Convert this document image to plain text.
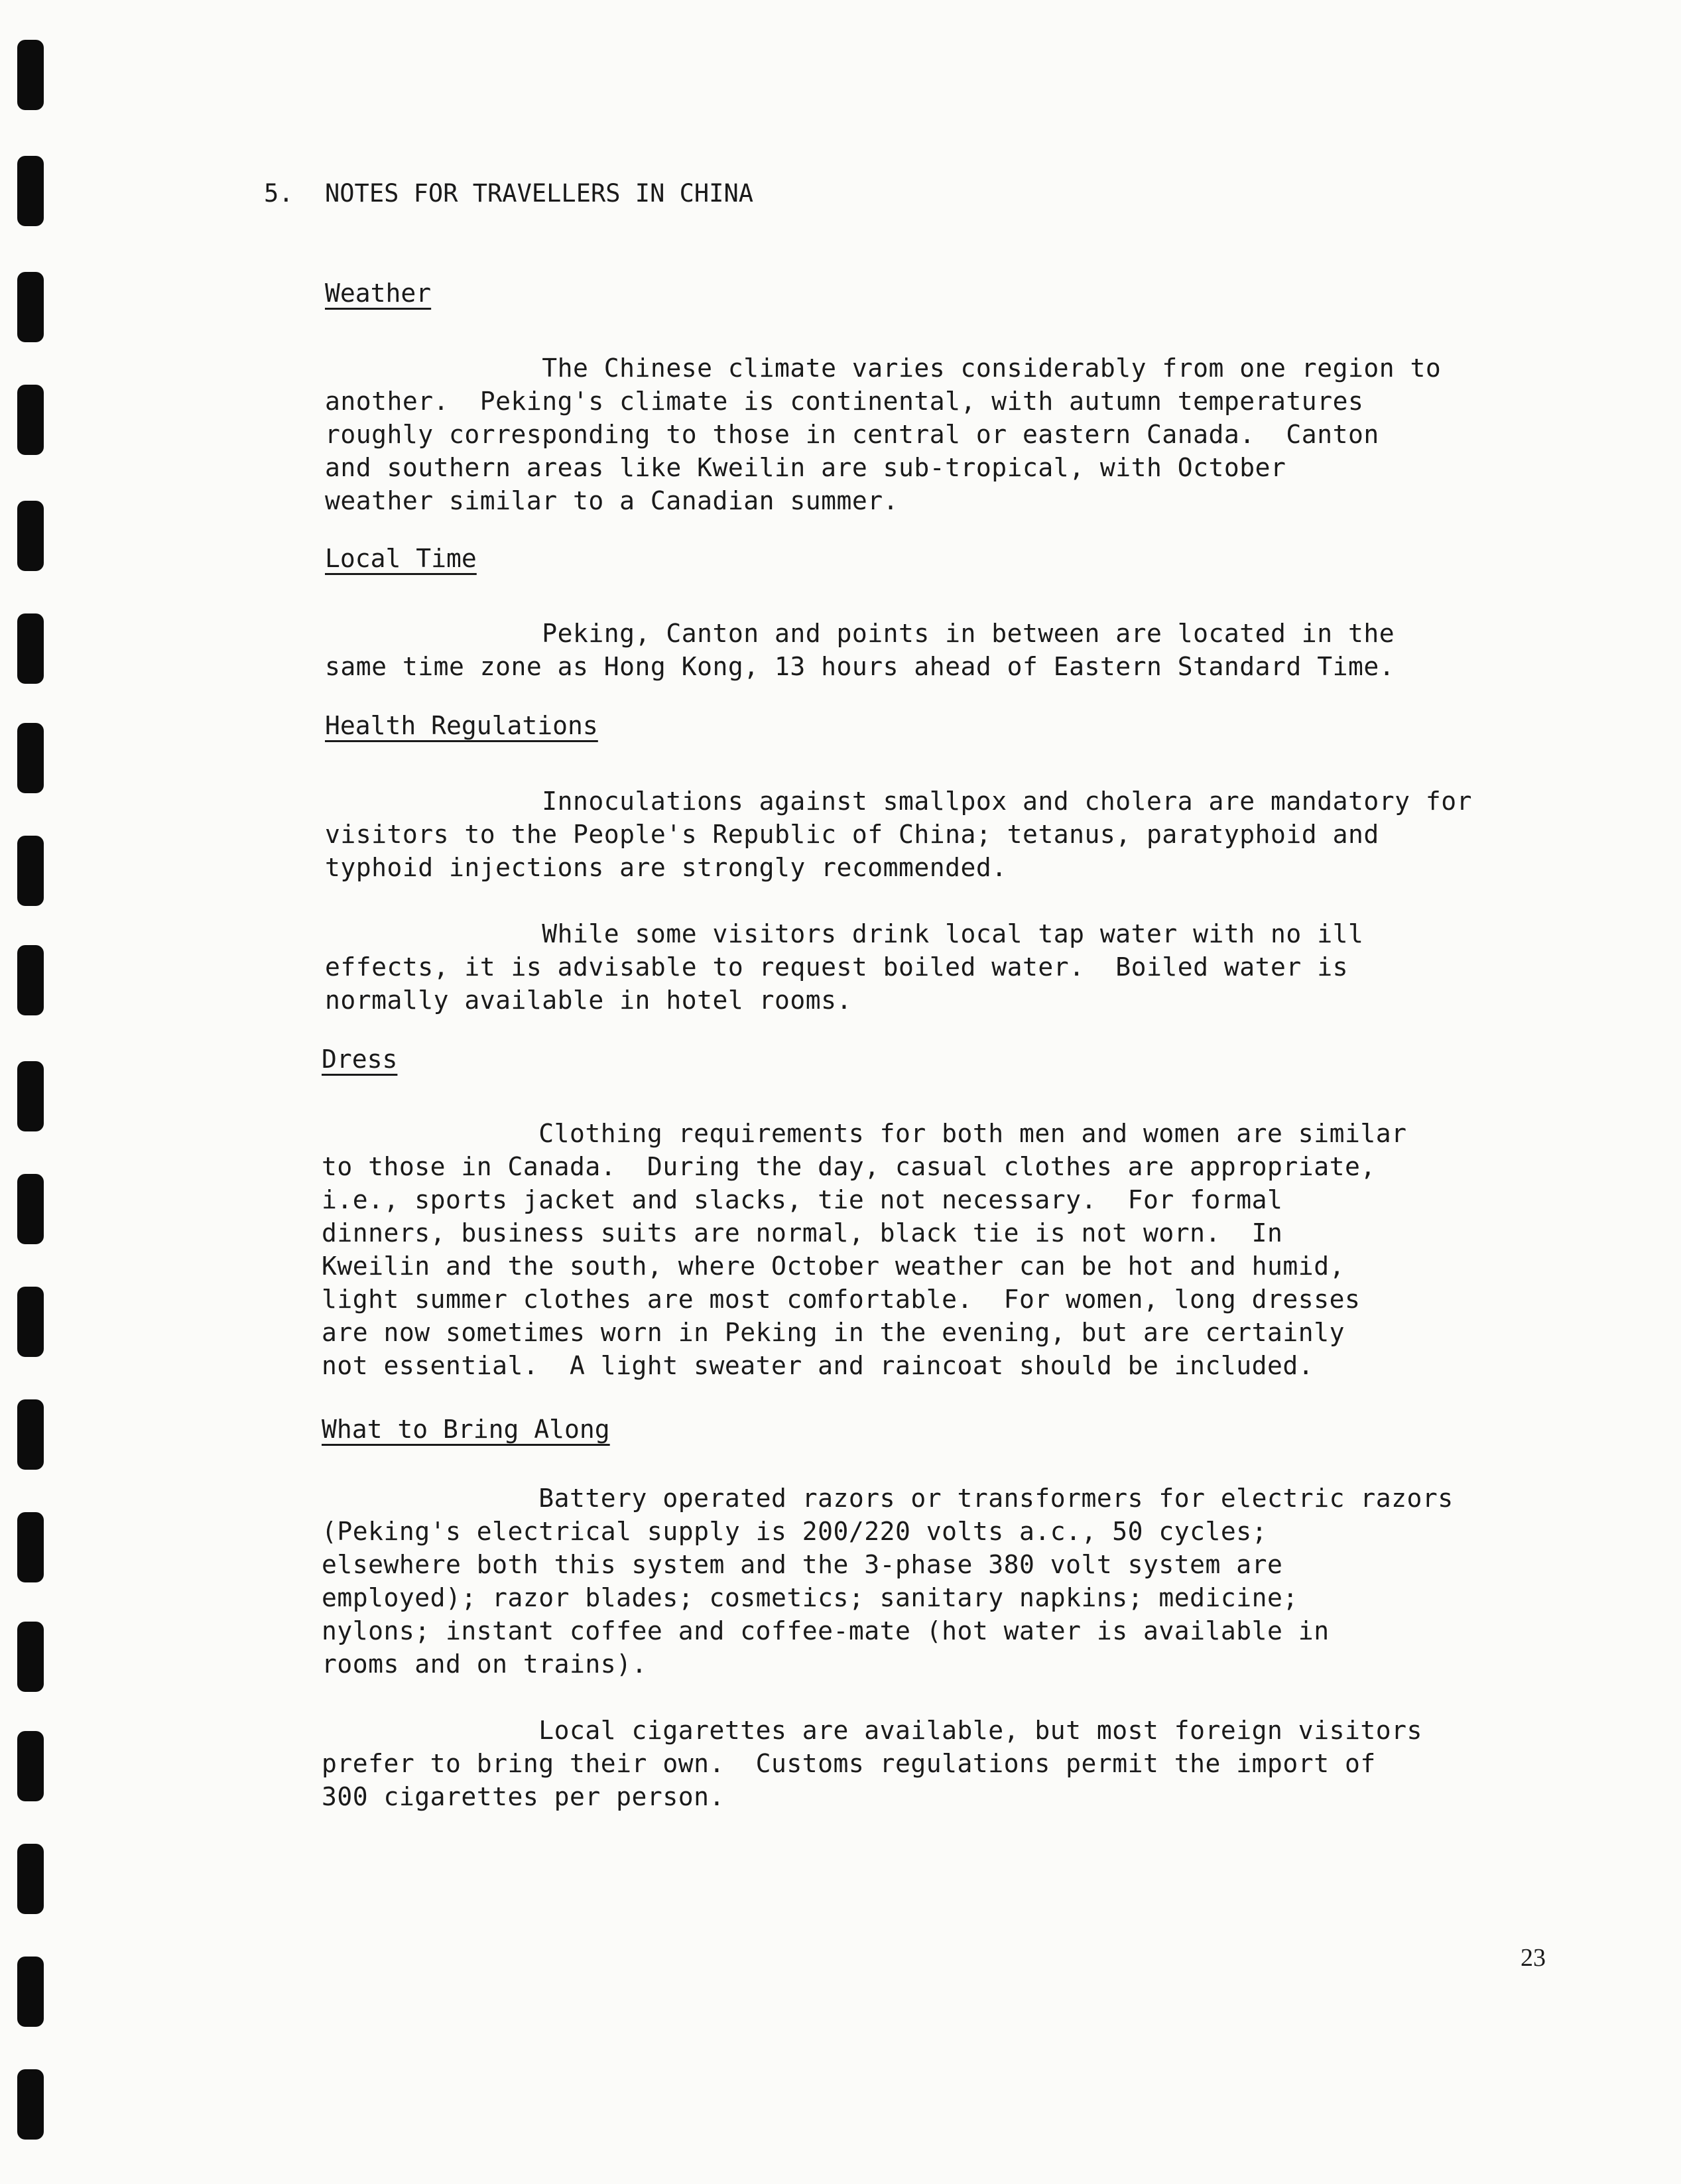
5. NOTES FOR TRAVELLERS IN CHINA
Weather
The Chinese climate varies considerably from one region to
another.  Peking's climate is continental, with autumn temperatures
roughly corresponding to those in central or eastern Canada.  Canton
and southern areas like Kweilin are sub-tropical, with October
weather similar to a Canadian summer.
Local Time
Peking, Canton and points in between are located in the
same time zone as Hong Kong, 13 hours ahead of Eastern Standard Time.
Health Regulations
Innoculations against smallpox and cholera are mandatory for
visitors to the People's Republic of China; tetanus, paratyphoid and
typhoid injections are strongly recommended.
While some visitors drink local tap water with no ill
effects, it is advisable to request boiled water.  Boiled water is
normally available in hotel rooms.
Dress
Clothing requirements for both men and women are similar
to those in Canada.  During the day, casual clothes are appropriate,
i.e., sports jacket and slacks, tie not necessary.  For formal
dinners, business suits are normal, black tie is not worn.  In
Kweilin and the south, where October weather can be hot and humid,
light summer clothes are most comfortable.  For women, long dresses
are now sometimes worn in Peking in the evening, but are certainly
not essential.  A light sweater and raincoat should be included.
What to Bring Along
Battery operated razors or transformers for electric razors
(Peking's electrical supply is 200/220 volts a.c., 50 cycles;
elsewhere both this system and the 3-phase 380 volt system are
employed); razor blades; cosmetics; sanitary napkins; medicine;
nylons; instant coffee and coffee-mate (hot water is available in
rooms and on trains).
Local cigarettes are available, but most foreign visitors
prefer to bring their own.  Customs regulations permit the import of
300 cigarettes per person.
23
